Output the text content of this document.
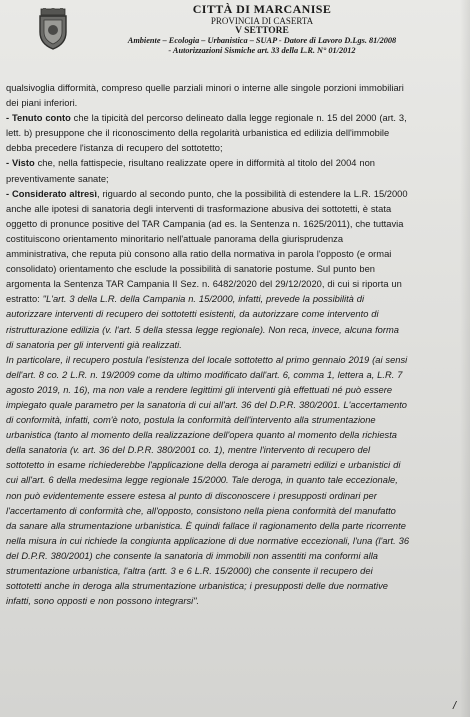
CITTÀ DI MARCANISE
PROVINCIA DI CASERTA
V SETTORE
Ambiente – Ecologia – Urbanistica – SUAP - Datore di Lavoro D.Lgs. 81/2008
- Autorizzazioni Sismiche art. 33 della L.R. N° 01/2012
qualsivoglia difformità, compreso quelle parziali minori o interne alle singole porzioni immobiliari
dei piani inferiori.
- Tenuto conto che la tipicità del percorso delineato dalla legge regionale n. 15 del 2000 (art. 3,
lett. b) presuppone che il riconoscimento della regolarità urbanistica ed edilizia dell'immobile
debba precedere l'istanza di recupero del sottotetto;
- Visto che, nella fattispecie, risultano realizzate opere in difformità al titolo del 2004 non
preventivamente sanate;
- Considerato altresì, riguardo al secondo punto, che la possibilità di estendere la L.R. 15/2000
anche alle ipotesi di sanatoria degli interventi di trasformazione abusiva dei sottotetti, è stata
oggetto di pronunce positive del TAR Campania (ad es. la Sentenza n. 1625/2011), che tuttavia
costituiscono orientamento minoritario nell'attuale panorama della giurisprudenza
amministrativa, che reputa più consono alla ratio della normativa in parola l'opposto (e ormai
consolidato) orientamento che esclude la possibilità di sanatorie postume. Sul punto ben
argomenta la Sentenza TAR Campania II Sez. n. 6482/2020 del 29/12/2020, di cui si riporta un
estratto: "L'art. 3 della L.R. della Campania n. 15/2000, infatti, prevede la possibilità di
autorizzare interventi di recupero dei sottotetti esistenti, da autorizzare come intervento di
ristrutturazione edilizia (v. l'art. 5 della stessa legge regionale). Non reca, invece, alcuna forma
di sanatoria per gli interventi già realizzati.
In particolare, il recupero postula l'esistenza del locale sottotetto al primo gennaio 2019 (ai sensi
dell'art. 8 co. 2 L.R. n. 19/2009 come da ultimo modificato dall'art. 6, comma 1, lettera a, L.R. 7
agosto 2019, n. 16), ma non vale a rendere legittimi gli interventi già effettuati né può essere
impiegato quale parametro per la sanatoria di cui all'art. 36 del D.P.R. 380/2001. L'accertamento
di conformità, infatti, com'è noto, postula la conformità dell'intervento alla strumentazione
urbanistica (tanto al momento della realizzazione dell'opera quanto al momento della richiesta
della sanatoria (v. art. 36 del D.P.R. 380/2001 co. 1), mentre l'intervento di recupero del
sottotetto in esame richiederebbe l'applicazione della deroga ai parametri edilizi e urbanistici di
cui all'art. 6 della medesima legge regionale 15/2000. Tale deroga, in quanto tale eccezionale,
non può evidentemente essere estesa al punto di disconoscere i presupposti ordinari per
l'accertamento di conformità che, all'opposto, consistono nella piena conformità del manufatto
da sanare alla strumentazione urbanistica. È quindi fallace il ragionamento della parte ricorrente
nella misura in cui richiede la congiunta applicazione di due normative eccezionali, l'una (l'art. 36
del D.P.R. 380/2001) che consente la sanatoria di immobili non assentiti ma conformi alla
strumentazione urbanistica, l'altra (artt. 3 e 6 L.R. 15/2000) che consente il recupero dei
sottotetti anche in deroga alla strumentazione urbanistica; i presupposti delle due normative
infatti, sono opposti e non possono integrarsi".
/
